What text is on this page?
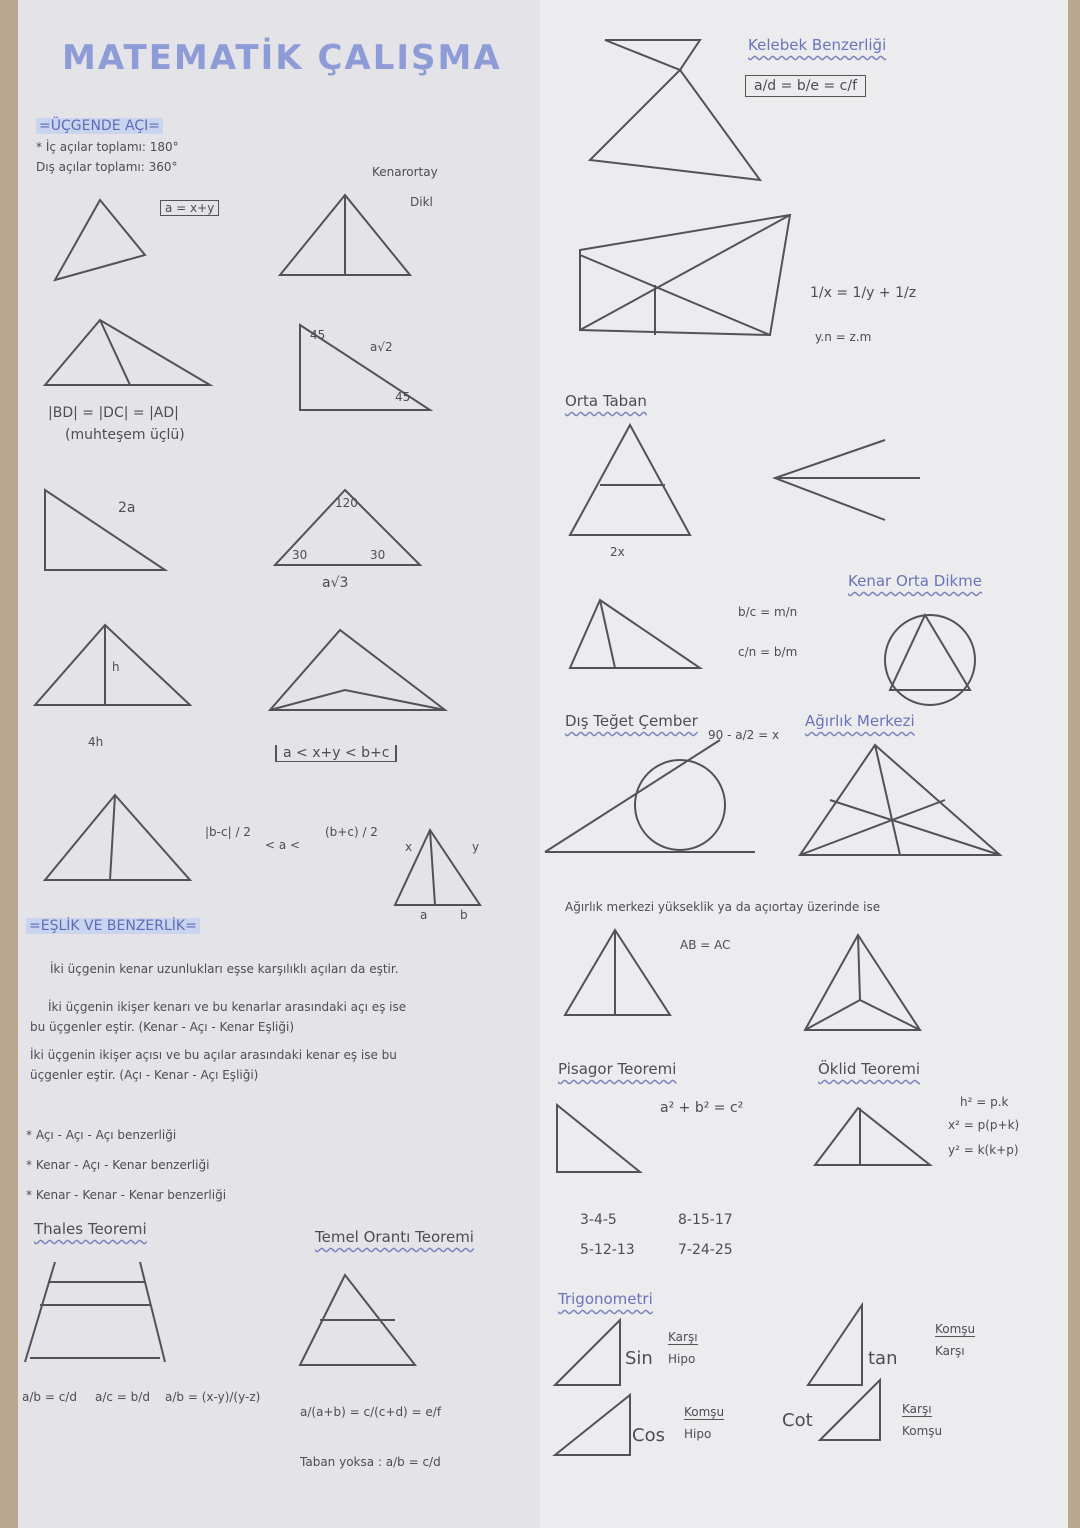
MATEMATİK ÇALIŞMA
=ÜÇGENDE AÇI=
* İç açılar toplamı: 180°
Dış açılar toplamı: 360°
a = x+y
Kenarortay
Dikl
|BD| = |DC| = |AD|
(muhteşem üçlü)
a√2
45
45
2a	120
30	30
a√3
h
4h
a < x+y < b+c
|b-c| / 2
< a <
(b+c) / 2
x	y
a	b
=EŞLİK VE BENZERLİK=
İki üçgenin kenar uzunlukları eşse karşılıklı açıları da eştir.
İki üçgenin ikişer kenarı ve bu kenarlar arasındaki açı eş ise
bu üçgenler eştir. (Kenar - Açı - Kenar Eşliği)
İki üçgenin ikişer açısı ve bu açılar arasındaki kenar eş ise bu
üçgenler eştir. (Açı - Kenar - Açı Eşliği)
* Açı - Açı - Açı benzerliği
* Kenar - Açı - Kenar benzerliği
* Kenar - Kenar - Kenar benzerliği
Thales Teoremi
a/b = c/d a/c = b/d a/b = (x-y)/(y-z)
Temel Orantı Teoremi
a/(a+b) = c/(c+d) = e/f
Taban yoksa : a/b = c/d
Kelebek Benzerliği
a/d = b/e = c/f
1/x = 1/y + 1/z
y.n = z.m
Orta Taban
2x
Kenar Orta Dikme
b/c = m/n
c/n = b/m
Dış Teğet Çember
90 - a/2 = x
Ağırlık Merkezi
Ağırlık merkezi yükseklik ya da açıortay üzerinde ise
AB = AC
Pisagor Teoremi
a² + b² = c²
3-4-5	8-15-17
5-12-13	7-24-25
Öklid Teoremi
h² = p.k
x² = p(p+k)
y² = k(k+p)
Trigonometri
Sin
Karşı
Hipo	tan
Komşu
Karşı
Cos
Komşu
Hipo
Cot
Karşı
Komşu
